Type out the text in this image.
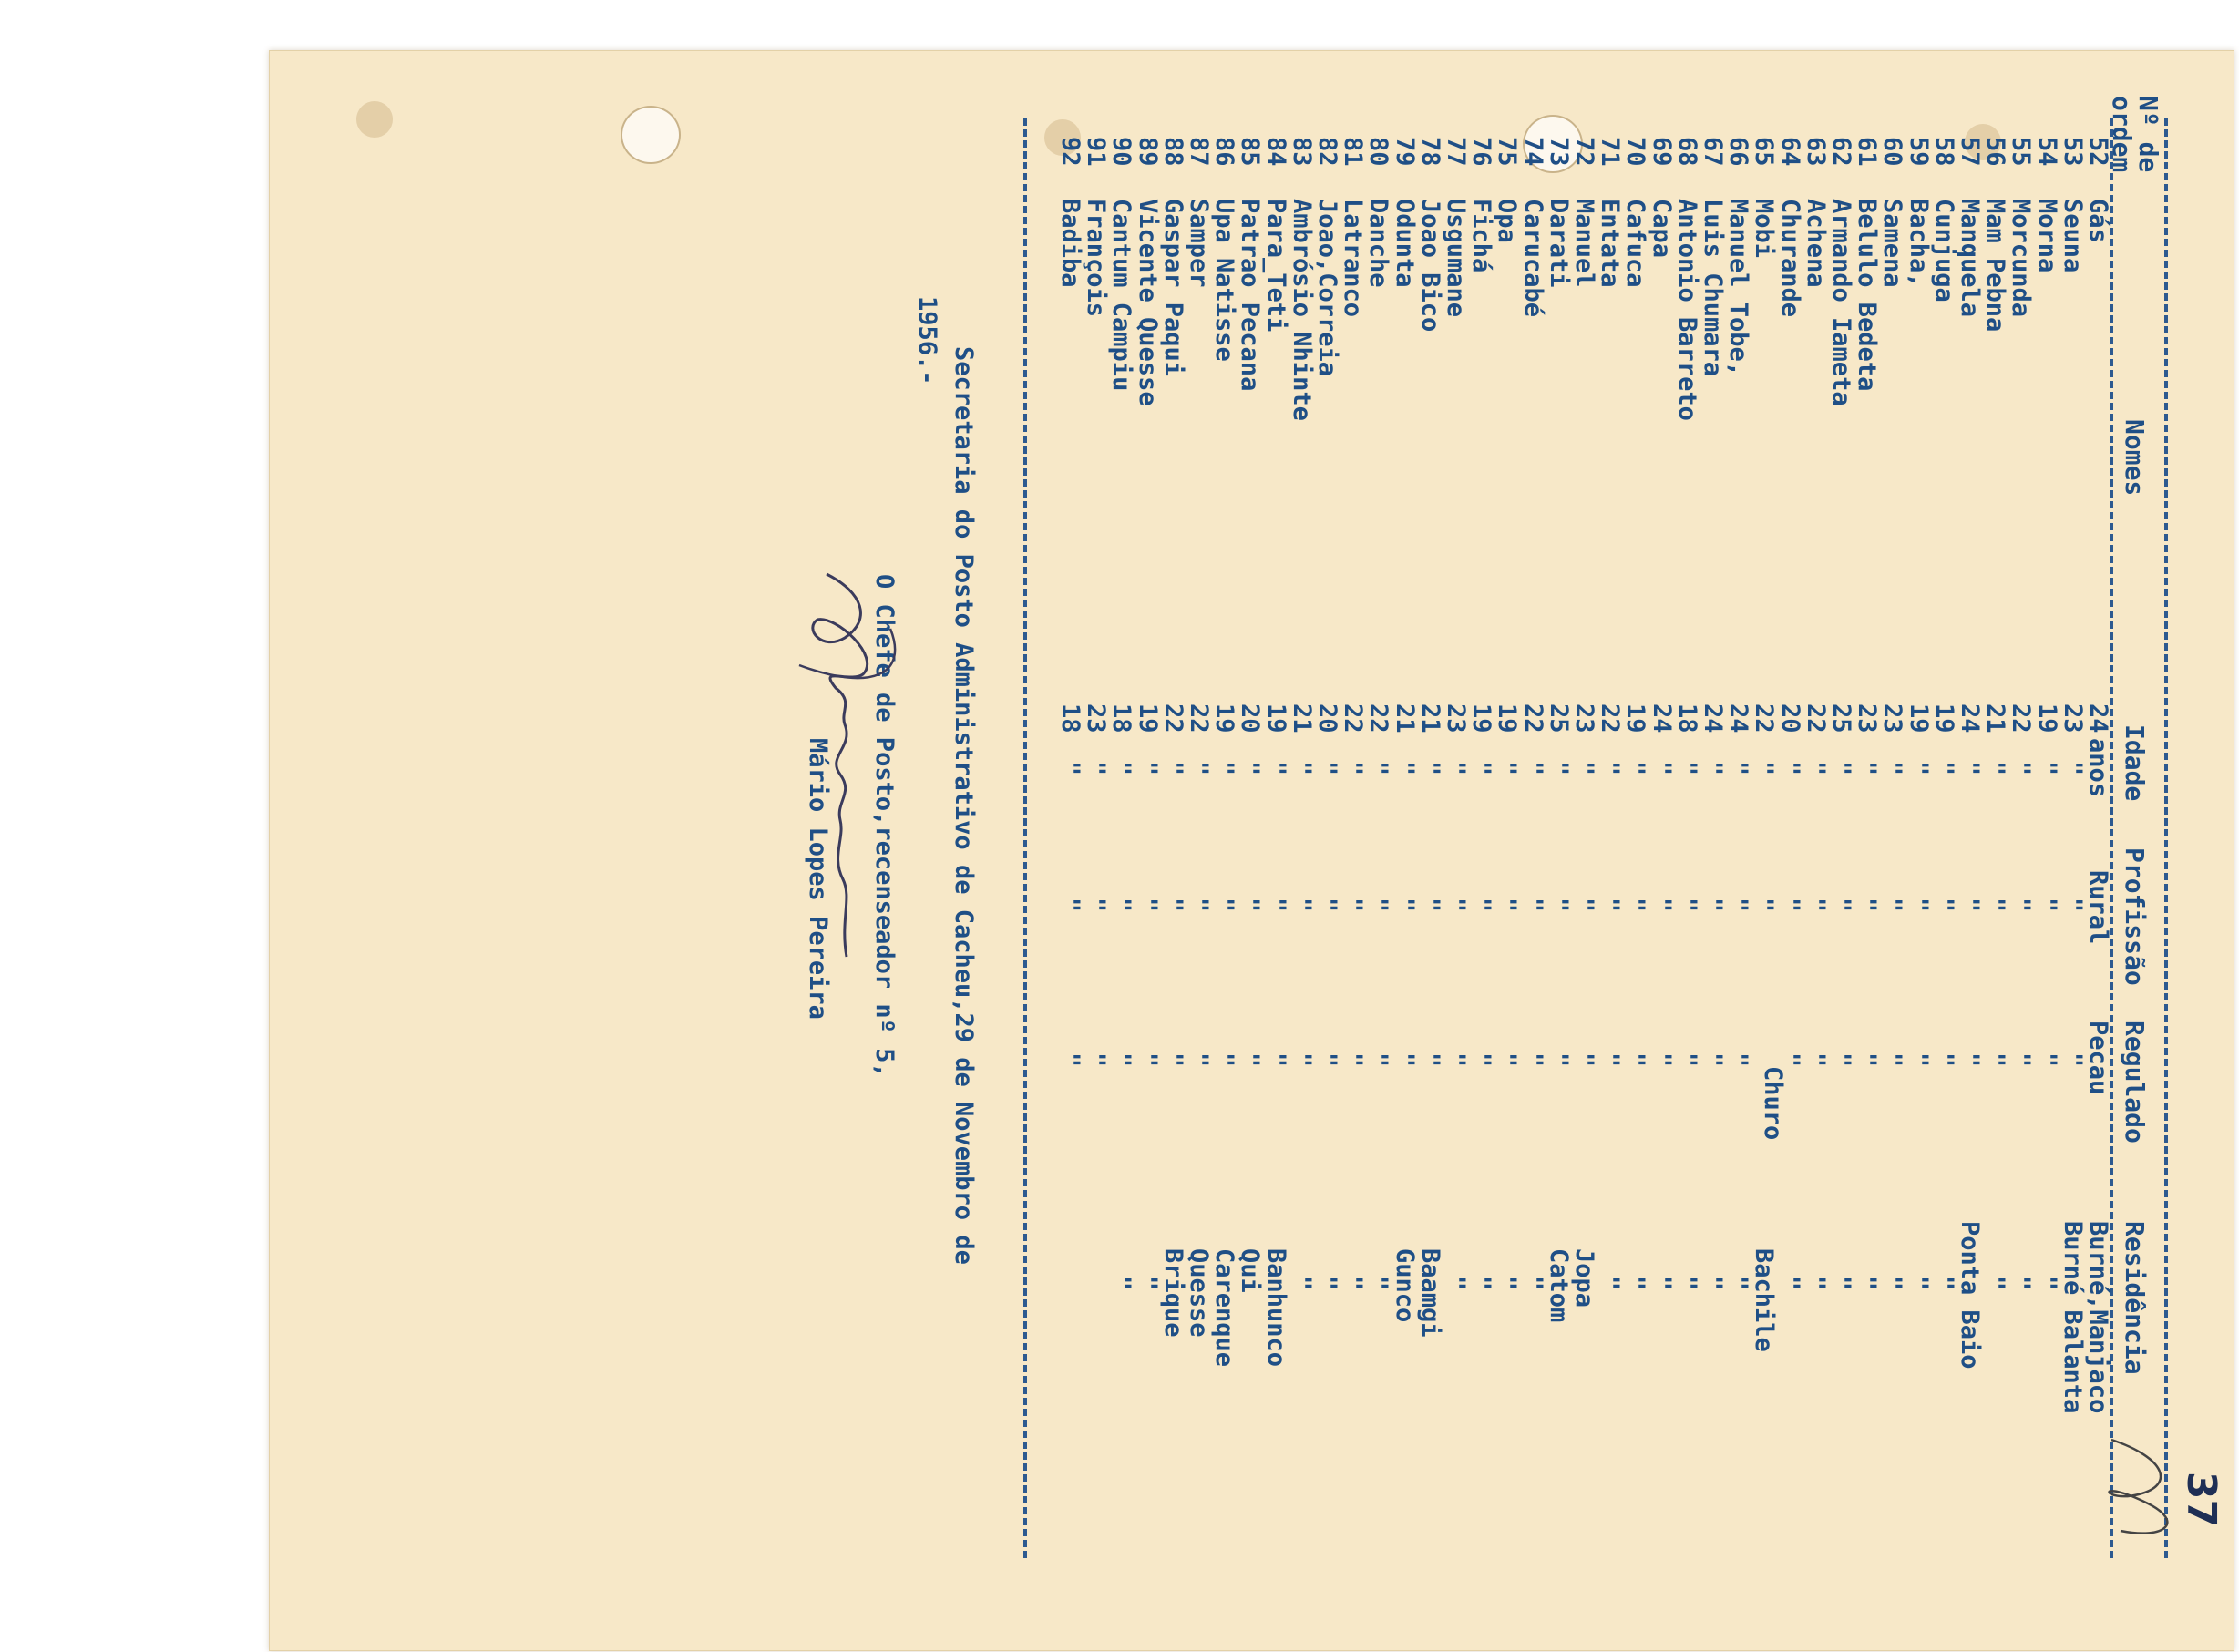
37
Nº de
ordem
Nomes
Idade
Profissão
Regulado
Residência
52
Gás
24
anos
Rural
Pecau
Burné,Manjaco
53
Seuna
23
"
"
"
Burné Balanta
54
Morna
19
"
"
"
"
55
Morcunda
22
"
"
"
"
56
Mam Pebna
21
"
"
"
"
57
Manquela
24
"
"
"
Ponta Baio
58
Cunjuga
19
"
"
"
"
59
Bacha,
19
"
"
"
"
60
Samena
23
"
"
"
"
61
Belulo Bedeta
23
"
"
"
"
62
Armando Iameta
25
"
"
"
"
63
Achena
22
"
"
"
"
64
Churande
20
"
"
"
"
65
Mobi
22
"
"
Bachile
66
Manuel Tobe,
24
"
"
"
"
67
Luis Chumara
24
"
"
"
"
68
Antonio Barreto
18
"
"
"
"
69
Capa
24
"
"
"
"
70
Cafuca
19
"
"
"
"
71
Entata
22
"
"
"
"
72
Manuel
23
"
"
"
Jopa
73
Darati
25
"
"
"
Catom
74
Carucabé
22
"
"
"
"
75
Opa
19
"
"
"
"
76
Fichá
19
"
"
"
"
77
Usgumane
23
"
"
"
"
78
Joao Bico
21
"
"
"
Baamgi
79
Odunta
21
"
"
"
Gunco
80
Danche
22
"
"
"
"
81
Latranco
22
"
"
"
"
82
Joao,Correia
20
"
"
"
"
83
Ambrósio Nhinte
21
"
"
"
"
84
Para_Teti
19
"
"
"
Banhunco
85
Patrao Pecana
20
"
"
"
Qui
86
Upa Natisse
19
"
"
"
Carenque
87
Samper
22
"
"
"
Quesse
88
Gaspar Paqui
22
"
"
"
Brique
89
Vicente Quesse
19
"
"
"
"
90
Cantum Campiu
18
"
"
"
"
91
François
23
"
"
"
92
Badiba
18
"
"
"
Churo
Secretaria do Posto Administrativo de Cacheu,29 de Novembro de
1956.-
O Chefe de Posto,recenseador nº 5,
Mário Lopes Pereira
